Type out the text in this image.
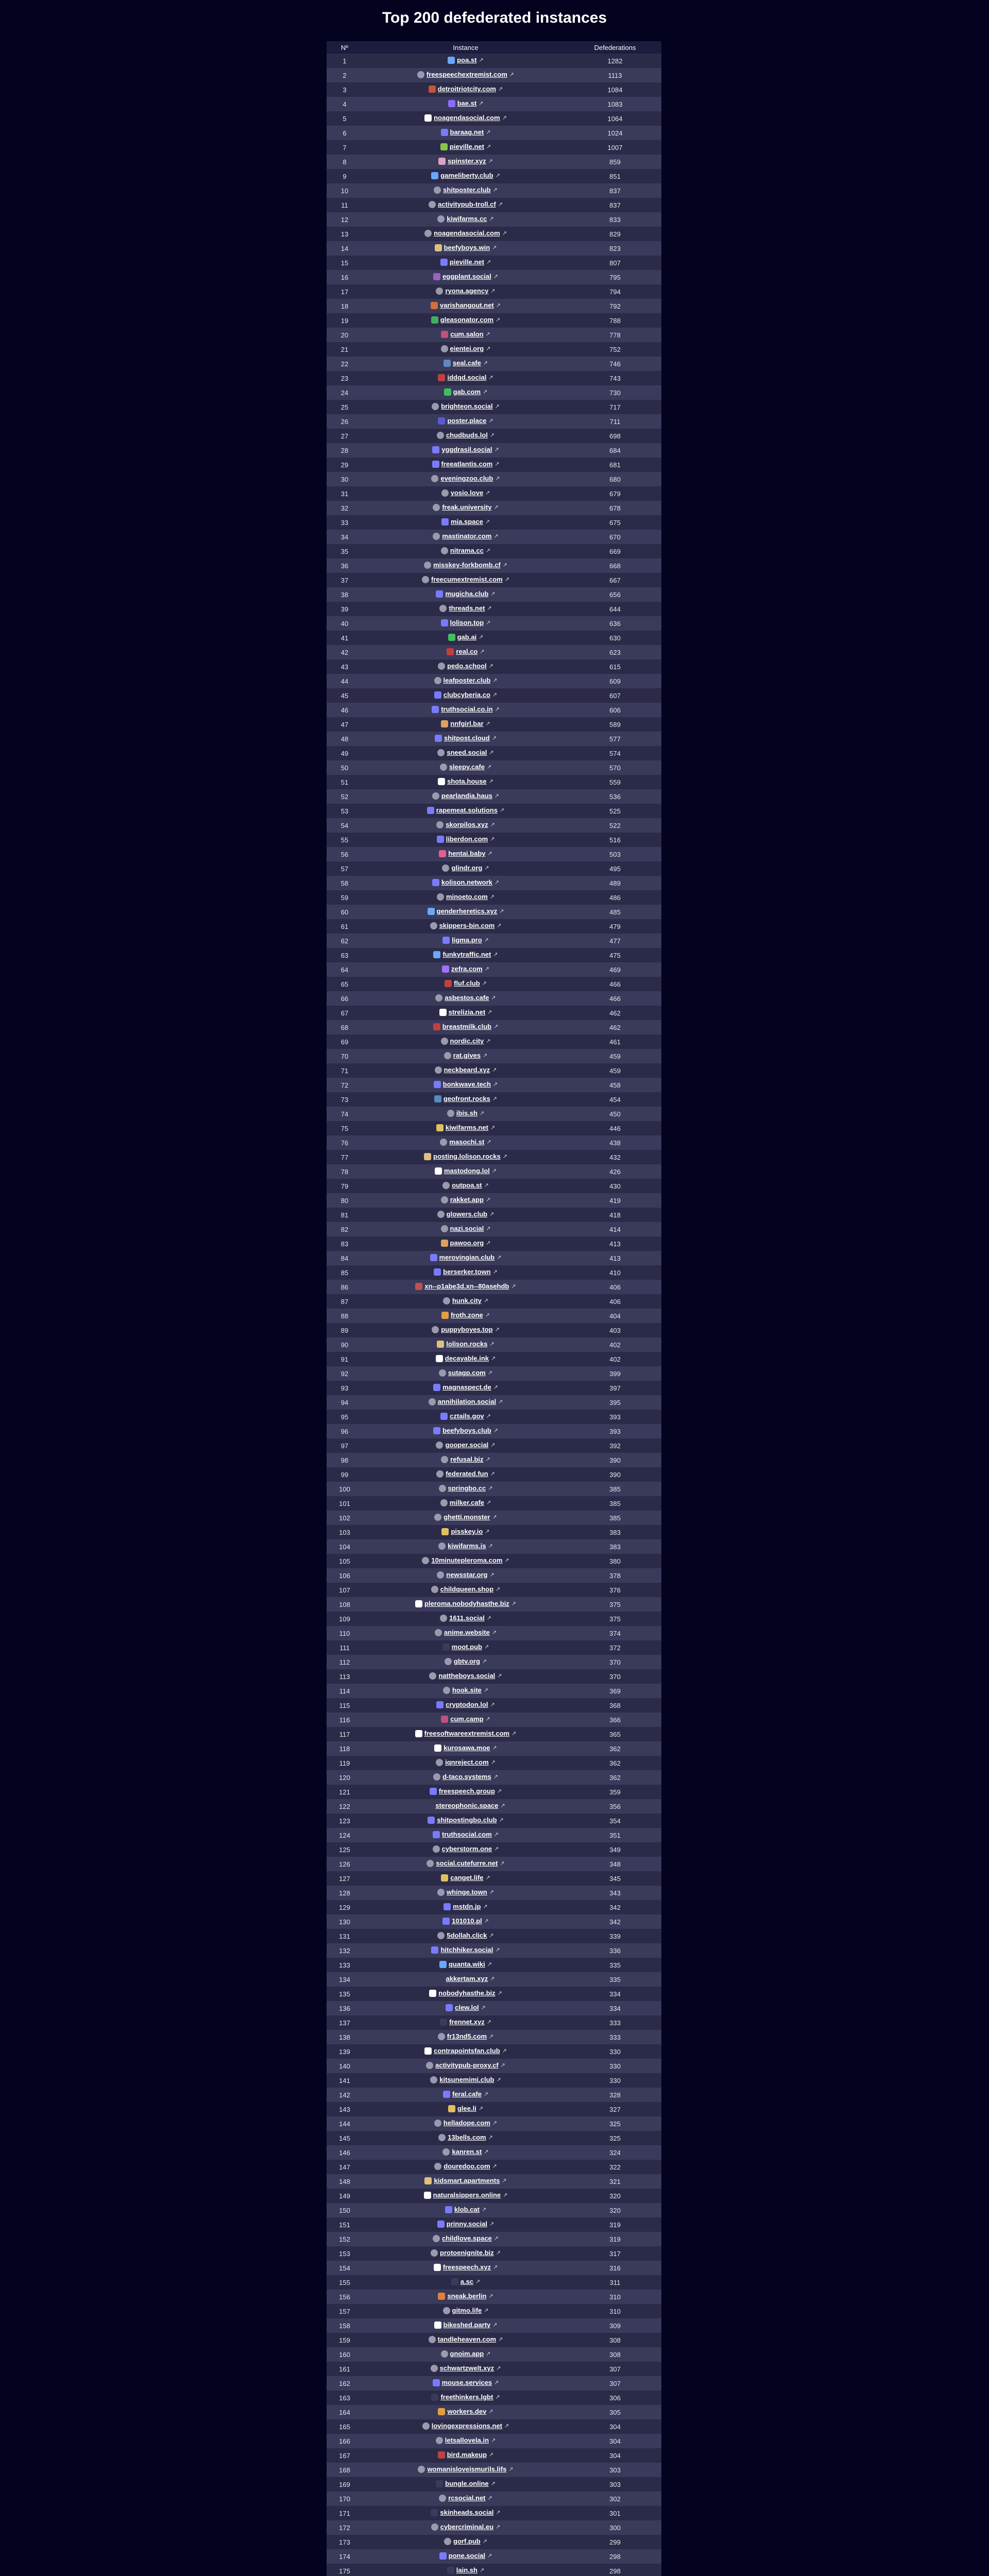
Top 200 defederated instances
Nº	Instance	Defederations
1	poa.st ↗	1282
2	freespeechextremist.com ↗	1113
3	detroitriotcity.com ↗	1084
4	bae.st ↗	1083
5	noagendasocial.com ↗	1064
6	baraag.net ↗	1024
7	pieville.net ↗	1007
8	spinster.xyz ↗	859
9	gameliberty.club ↗	851
10	shitposter.club ↗	837
11	activitypub-troll.cf ↗	837
12	kiwifarms.cc ↗	833
13	noagendasocial.com ↗	829
14	beefyboys.win ↗	823
15	pieville.net ↗	807
16	eggplant.social ↗	795
17	ryona.agency ↗	794
18	varishangout.net ↗	792
19	gleasonator.com ↗	788
20	cum.salon ↗	778
21	eientei.org ↗	752
22	seal.cafe ↗	746
23	iddqd.social ↗	743
24	gab.com ↗	730
25	brighteon.social ↗	717
26	poster.place ↗	711
27	chudbuds.lol ↗	698
28	yggdrasil.social ↗	684
29	freeatlantis.com ↗	681
30	eveningzoo.club ↗	680
31	yosio.love ↗	679
32	freak.university ↗	678
33	mia.space ↗	675
34	mastinator.com ↗	670
35	nitrama.cc ↗	669
36	misskey-forkbomb.cf ↗	668
37	freecumextremist.com ↗	667
38	mugicha.club ↗	656
39	threads.net ↗	644
40	lolison.top ↗	636
41	gab.ai ↗	630
42	real.co ↗	623
43	pedo.school ↗	615
44	leafposter.club ↗	609
45	clubcyberia.co ↗	607
46	truthsocial.co.in ↗	606
47	nnfgirl.bar ↗	589
48	shitpost.cloud ↗	577
49	sneed.social ↗	574
50	sleepy.cafe ↗	570
51	shota.house ↗	559
52	pearlandia.haus ↗	536
53	rapemeat.solutions ↗	525
54	skorpilos.xyz ↗	522
55	liberdon.com ↗	516
56	hentai.baby ↗	503
57	glindr.org ↗	495
58	kolison.network ↗	489
59	minoeto.com ↗	486
60	genderheretics.xyz ↗	485
61	skippers-bin.com ↗	479
62	ligma.pro ↗	477
63	funkytraffic.net ↗	475
64	zefra.com ↗	469
65	fluf.club ↗	466
66	asbestos.cafe ↗	466
67	strelizia.net ↗	462
68	breastmilk.club ↗	462
69	nordic.city ↗	461
70	rat.gives ↗	459
71	neckbeard.xyz ↗	459
72	bonkwave.tech ↗	458
73	geofront.rocks ↗	454
74	ibis.sh ↗	450
75	kiwifarms.net ↗	446
76	masochi.st ↗	438
77	posting.lolison.rocks ↗	432
78	mastodong.lol ↗	426
79	outpoa.st ↗	430
80	rakket.app ↗	419
81	glowers.club ↗	418
82	nazi.social ↗	414
83	pawoo.org ↗	413
84	merovingian.club ↗	413
85	berserker.town ↗	410
86	xn--p1abe3d.xn--80asehdb ↗	406
87	hunk.city ↗	406
88	froth.zone ↗	404
89	puppyboyes.top ↗	403
90	lolison.rocks ↗	402
91	decayable.ink ↗	402
92	sutagp.com ↗	399
93	magnaspect.de ↗	397
94	annihilation.social ↗	395
95	cztails.gov ↗	393
96	beefyboys.club ↗	393
97	gooper.social ↗	392
98	refusal.biz ↗	390
99	federated.fun ↗	390
100	springbo.cc ↗	385
101	milker.cafe ↗	385
102	ghetti.monster ↗	385
103	pisskey.io ↗	383
104	kiwifarms.is ↗	383
105	10minutepleroma.com ↗	380
106	newsstar.org ↗	378
107	childqueen.shop ↗	376
108	pleroma.nobodyhasthe.biz ↗	375
109	1611.social ↗	375
110	anime.website ↗	374
111	moot.pub ↗	372
112	gbtv.org ↗	370
113	nattheboys.social ↗	370
114	hook.site ↗	369
115	cryptodon.lol ↗	368
116	cum.camp ↗	366
117	freesoftwareextremist.com ↗	365
118	kurosawa.moe ↗	362
119	iqnreject.com ↗	362
120	d-taco.systems ↗	362
121	freespeech.group ↗	359
122	stereophonic.space ↗	356
123	shitpostingbo.club ↗	354
124	truthsocial.com ↗	351
125	cyberstorm.one ↗	349
126	social.cutefurre.net ↗	348
127	canget.life ↗	345
128	whinge.town ↗	343
129	mstdn.jp ↗	342
130	101010.pl ↗	342
131	5dollah.click ↗	339
132	hitchhiker.social ↗	336
133	quanta.wiki ↗	335
134	akkertam.xyz ↗	335
135	nobodyhasthe.biz ↗	334
136	clew.lol ↗	334
137	frennet.xyz ↗	333
138	fr13nd5.com ↗	333
139	contrapointsfan.club ↗	330
140	activitypub-proxy.cf ↗	330
141	kitsunemimi.club ↗	330
142	feral.cafe ↗	328
143	glee.li ↗	327
144	helladope.com ↗	325
145	13bells.com ↗	325
146	kanren.st ↗	324
147	douredoo.com ↗	322
148	kidsmart.apartments ↗	321
149	naturalsippers.online ↗	320
150	klob.cat ↗	320
151	prinny.social ↗	319
152	childlove.space ↗	319
153	protoenignite.biz ↗	317
154	freespeech.xyz ↗	316
155	a.sc ↗	311
156	sneak.berlin ↗	310
157	gitmo.life ↗	310
158	bikeshed.party ↗	309
159	tandleheaven.com ↗	308
160	gnoim.app ↗	308
161	schwartzwelt.xyz ↗	307
162	mouse.services ↗	307
163	freethinkers.lgbt ↗	306
164	workers.dev ↗	305
165	lovingexpressions.net ↗	304
166	letsallovela.in ↗	304
167	bird.makeup ↗	304
168	womanisloveismurils.lifs ↗	303
169	bungle.online ↗	303
170	rcsocial.net ↗	302
171	skinheads.social ↗	301
172	cybercriminal.eu ↗	300
173	gorf.pub ↗	299
174	pone.social ↗	298
175	lain.sh ↗	298
